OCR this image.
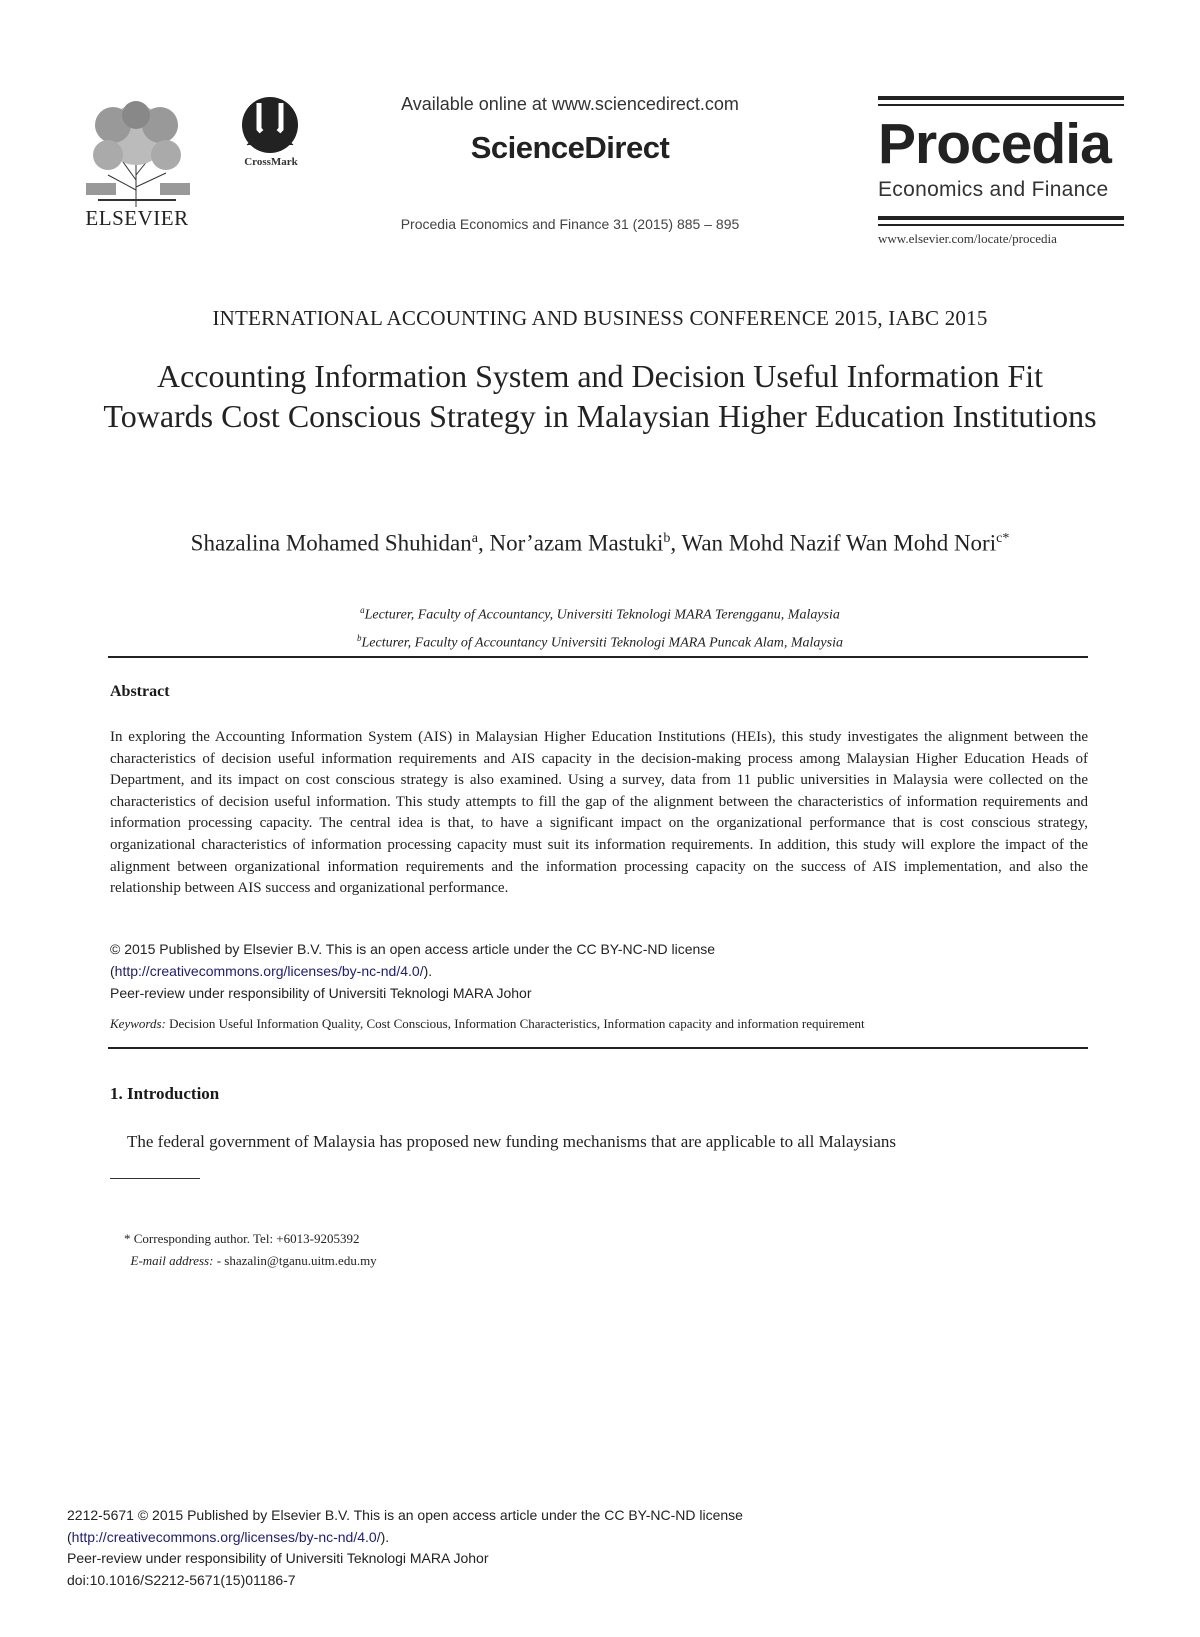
ELSEVIER
CrossMark
Available online at www.sciencedirect.com
ScienceDirect
Procedia Economics and Finance 31 (2015) 885 – 895
Procedia
Economics and Finance
www.elsevier.com/locate/procedia
INTERNATIONAL ACCOUNTING AND BUSINESS CONFERENCE 2015, IABC 2015
Accounting Information System and Decision Useful Information Fit Towards Cost Conscious Strategy in Malaysian Higher Education Institutions
Shazalina Mohamed Shuhidan$^a$, Nor’azam Mastuki$^b$, Wan Mohd Nazif Wan Mohd Nori$^{c*}$
$^a$Lecturer, Faculty of Accountancy, Universiti Teknologi MARA Terengganu, Malaysia
$^b$Lecturer, Faculty of Accountancy Universiti Teknologi MARA Puncak Alam, Malaysia
Abstract
In exploring the Accounting Information System (AIS) in Malaysian Higher Education Institutions (HEIs), this study investigates the alignment between the characteristics of decision useful information requirements and AIS capacity in the decision-making process among Malaysian Higher Education Heads of Department, and its impact on cost conscious strategy is also examined. Using a survey, data from 11 public universities in Malaysia were collected on the characteristics of decision useful information. This study attempts to fill the gap of the alignment between the characteristics of information requirements and information processing capacity. The central idea is that, to have a significant impact on the organizational performance that is cost conscious strategy, organizational characteristics of information processing capacity must suit its information requirements. In addition, this study will explore the impact of the alignment between organizational information requirements and the information processing capacity on the success of AIS implementation, and also the relationship between AIS success and organizational performance.
© 2015 Published by Elsevier B.V. This is an open access article under the CC BY-NC-ND license
(http://creativecommons.org/licenses/by-nc-nd/4.0/).
Peer-review under responsibility of Universiti Teknologi MARA Johor
Keywords: Decision Useful Information Quality, Cost Conscious, Information Characteristics, Information capacity and information requirement
1. Introduction
The federal government of Malaysia has proposed new funding mechanisms that are applicable to all Malaysians
* Corresponding author. Tel: +6013-9205392
E-mail address: - shazalin@tganu.uitm.edu.my
2212-5671 © 2015 Published by Elsevier B.V. This is an open access article under the CC BY-NC-ND license
(http://creativecommons.org/licenses/by-nc-nd/4.0/).
Peer-review under responsibility of Universiti Teknologi MARA Johor
doi:10.1016/S2212-5671(15)01186-7
